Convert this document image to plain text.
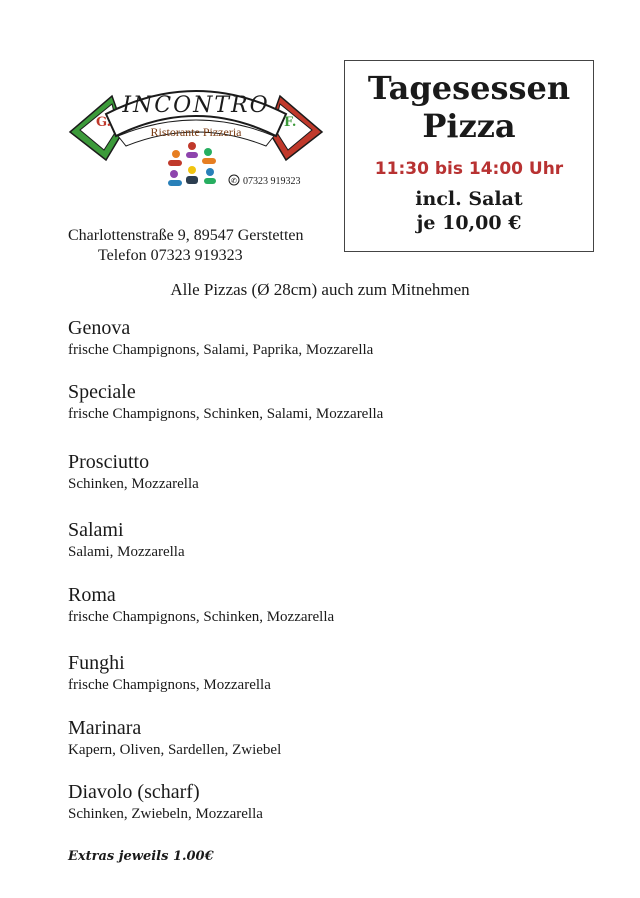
G.	F.
INCONTRO
Ristorante Pizzeria
✆ 07323 919323
Charlottenstraße 9, 89547 Gerstetten
Telefon 07323 919323
Tagesessen
Pizza
11:30 bis 14:00 Uhr
incl. Salat
je 10,00 €
Alle Pizzas (Ø 28cm) auch zum Mitnehmen
Genova
frische Champignons, Salami, Paprika, Mozzarella
Speciale
frische Champignons, Schinken, Salami, Mozzarella
Prosciutto
Schinken, Mozzarella
Salami
Salami, Mozzarella
Roma
frische Champignons, Schinken, Mozzarella
Funghi
frische Champignons, Mozzarella
Marinara
Kapern, Oliven, Sardellen, Zwiebel
Diavolo (scharf)
Schinken, Zwiebeln, Mozzarella
Extras jeweils 1.00€
